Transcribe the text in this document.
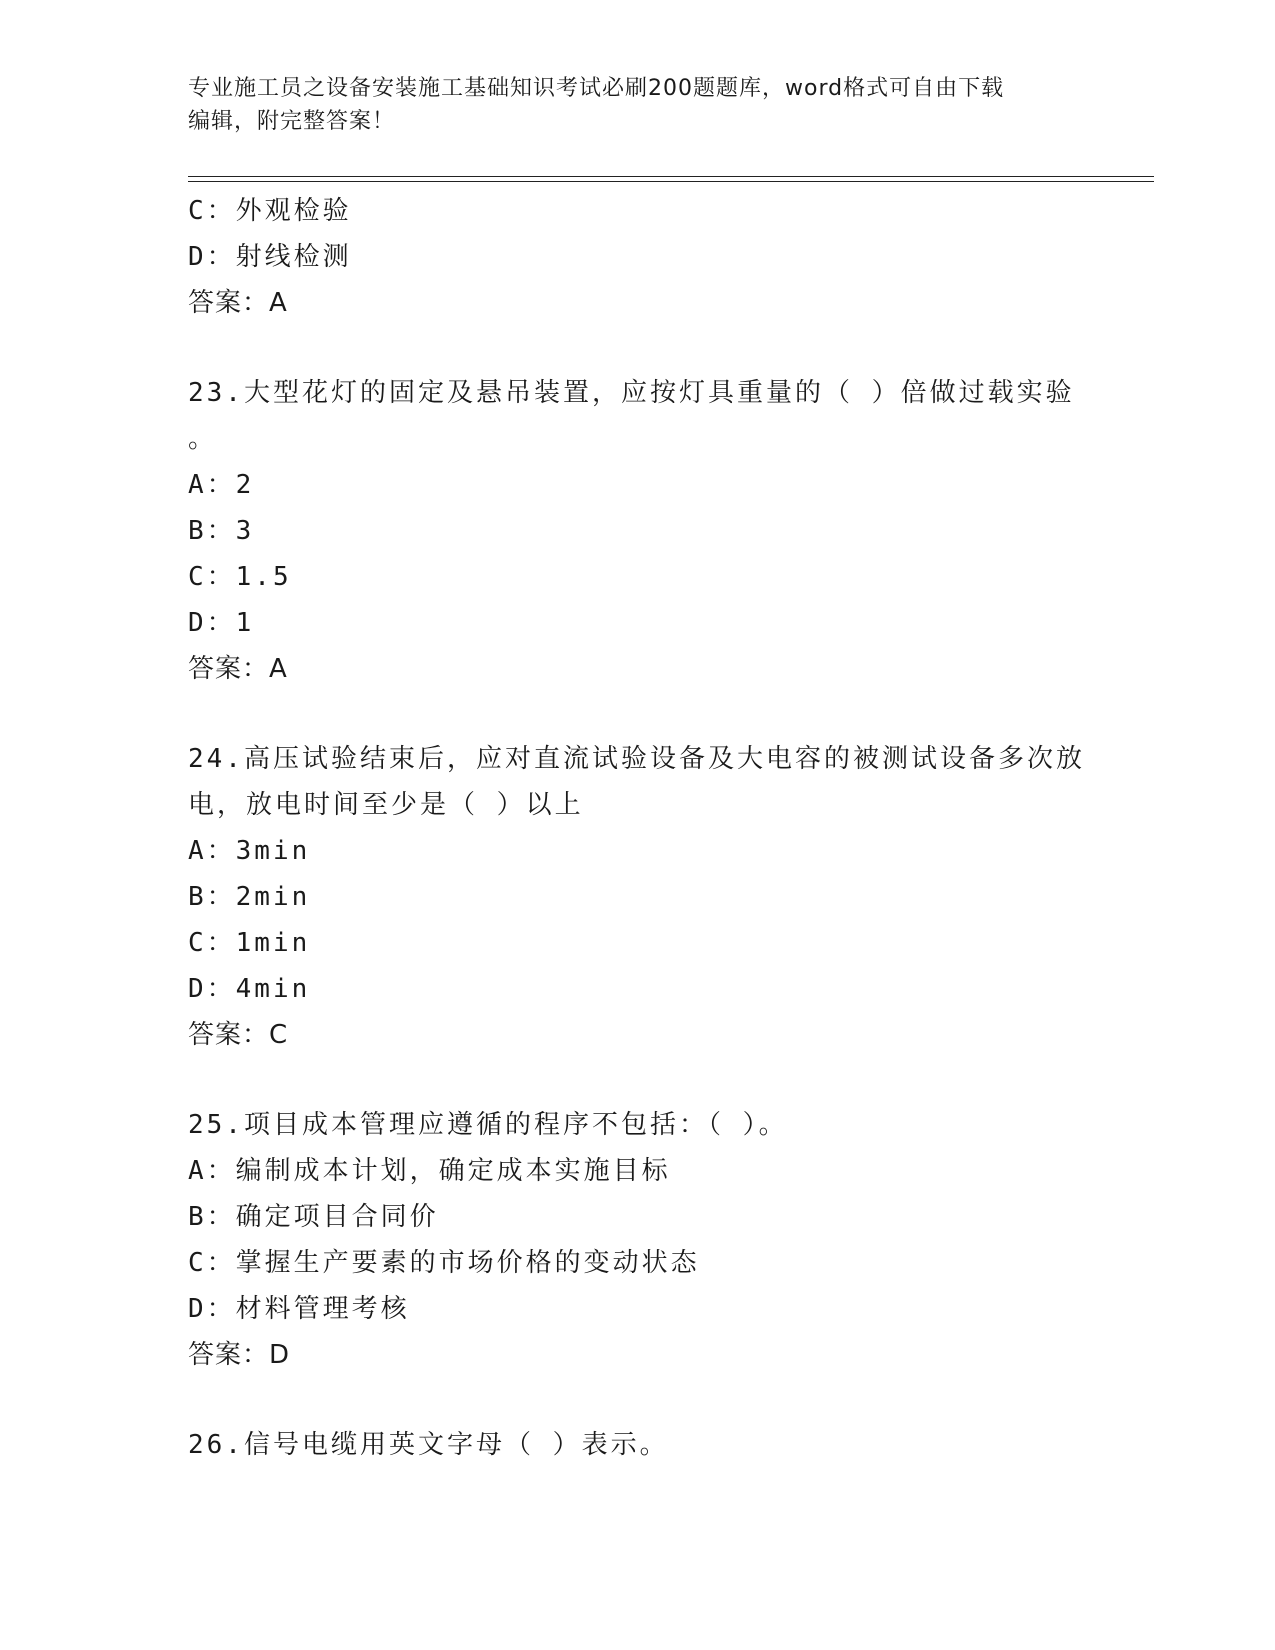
专业施工员之设备安装施工基础知识考试必刷200题题库，word格式可自由下载
编辑，附完整答案！
C：外观检验
D：射线检测
答案：A
23.大型花灯的固定及悬吊装置，应按灯具重量的（ ）倍做过载实验
。
A：2
B：3
C：1.5
D：1
答案：A
24.高压试验结束后，应对直流试验设备及大电容的被测试设备多次放
电，放电时间至少是（ ）以上
A：3min
B：2min
C：1min
D：4min
答案：C
25.项目成本管理应遵循的程序不包括：（ ）。
A：编制成本计划，确定成本实施目标
B：确定项目合同价
C：掌握生产要素的市场价格的变动状态
D：材料管理考核
答案：D
26.信号电缆用英文字母（ ）表示。
